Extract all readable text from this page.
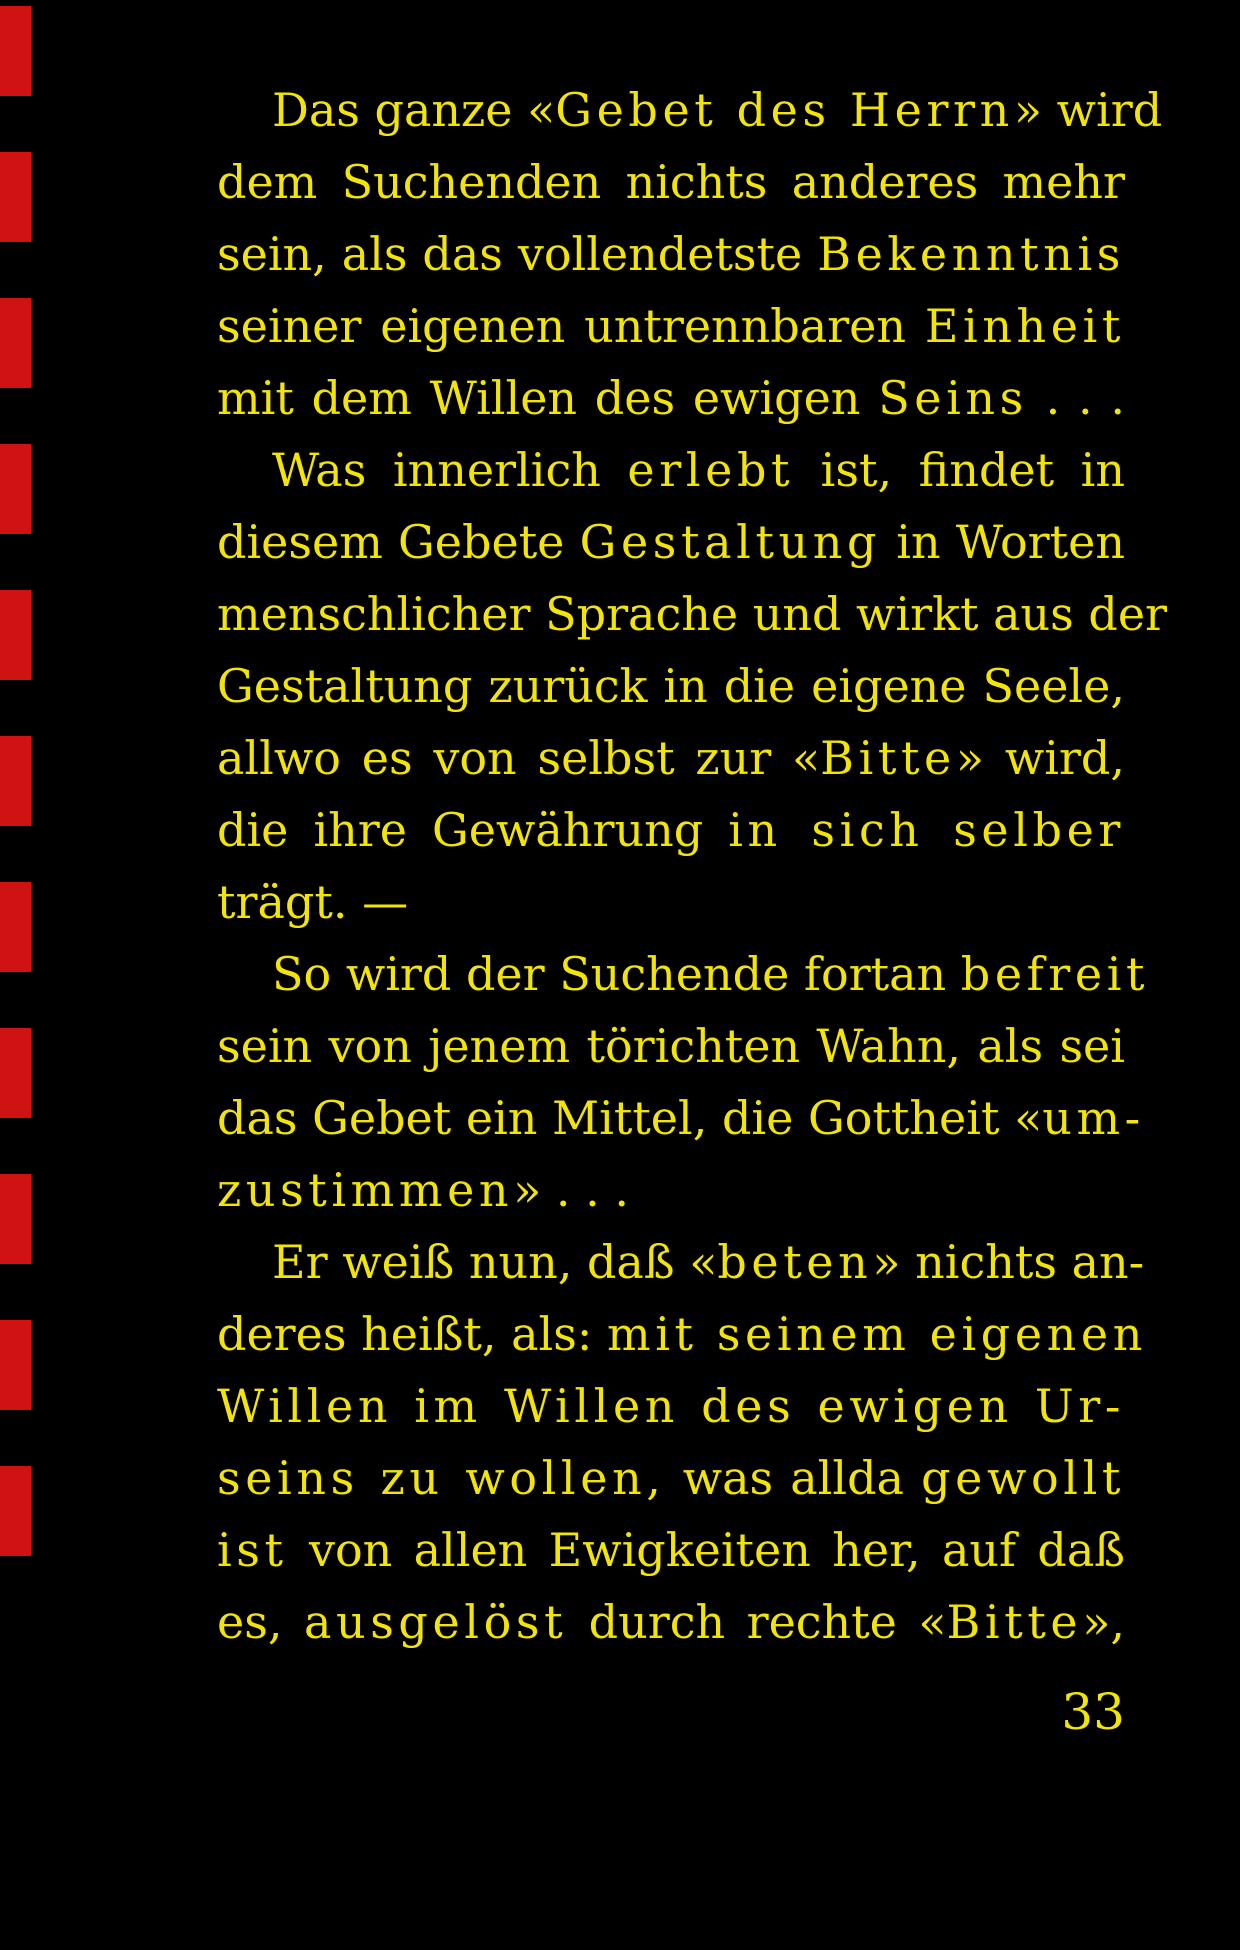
Das ganze «Gebet des Herrn» wird
dem Suchenden nichts anderes mehr
sein, als das vollendetste Bekenntnis
seiner eigenen untrennbaren Einheit
mit dem Willen des ewigen Seins . . .
Was innerlich erlebt ist, findet in
diesem Gebete Gestaltung in Worten
menschlicher Sprache und wirkt aus der
Gestaltung zurück in die eigene Seele,
allwo es von selbst zur «Bitte» wird,
die ihre Gewährung in sich selber
trägt. —
So wird der Suchende fortan befreit
sein von jenem törichten Wahn, als sei
das Gebet ein Mittel, die Gottheit «um-
zustimmen» . . .
Er weiß nun, daß «beten» nichts an-
deres heißt, als: mit seinem eigenen
Willen im Willen des ewigen Ur-
seins zu wollen, was allda gewollt
ist von allen Ewigkeiten her, auf daß
es, ausgelöst durch rechte «Bitte»,
33
